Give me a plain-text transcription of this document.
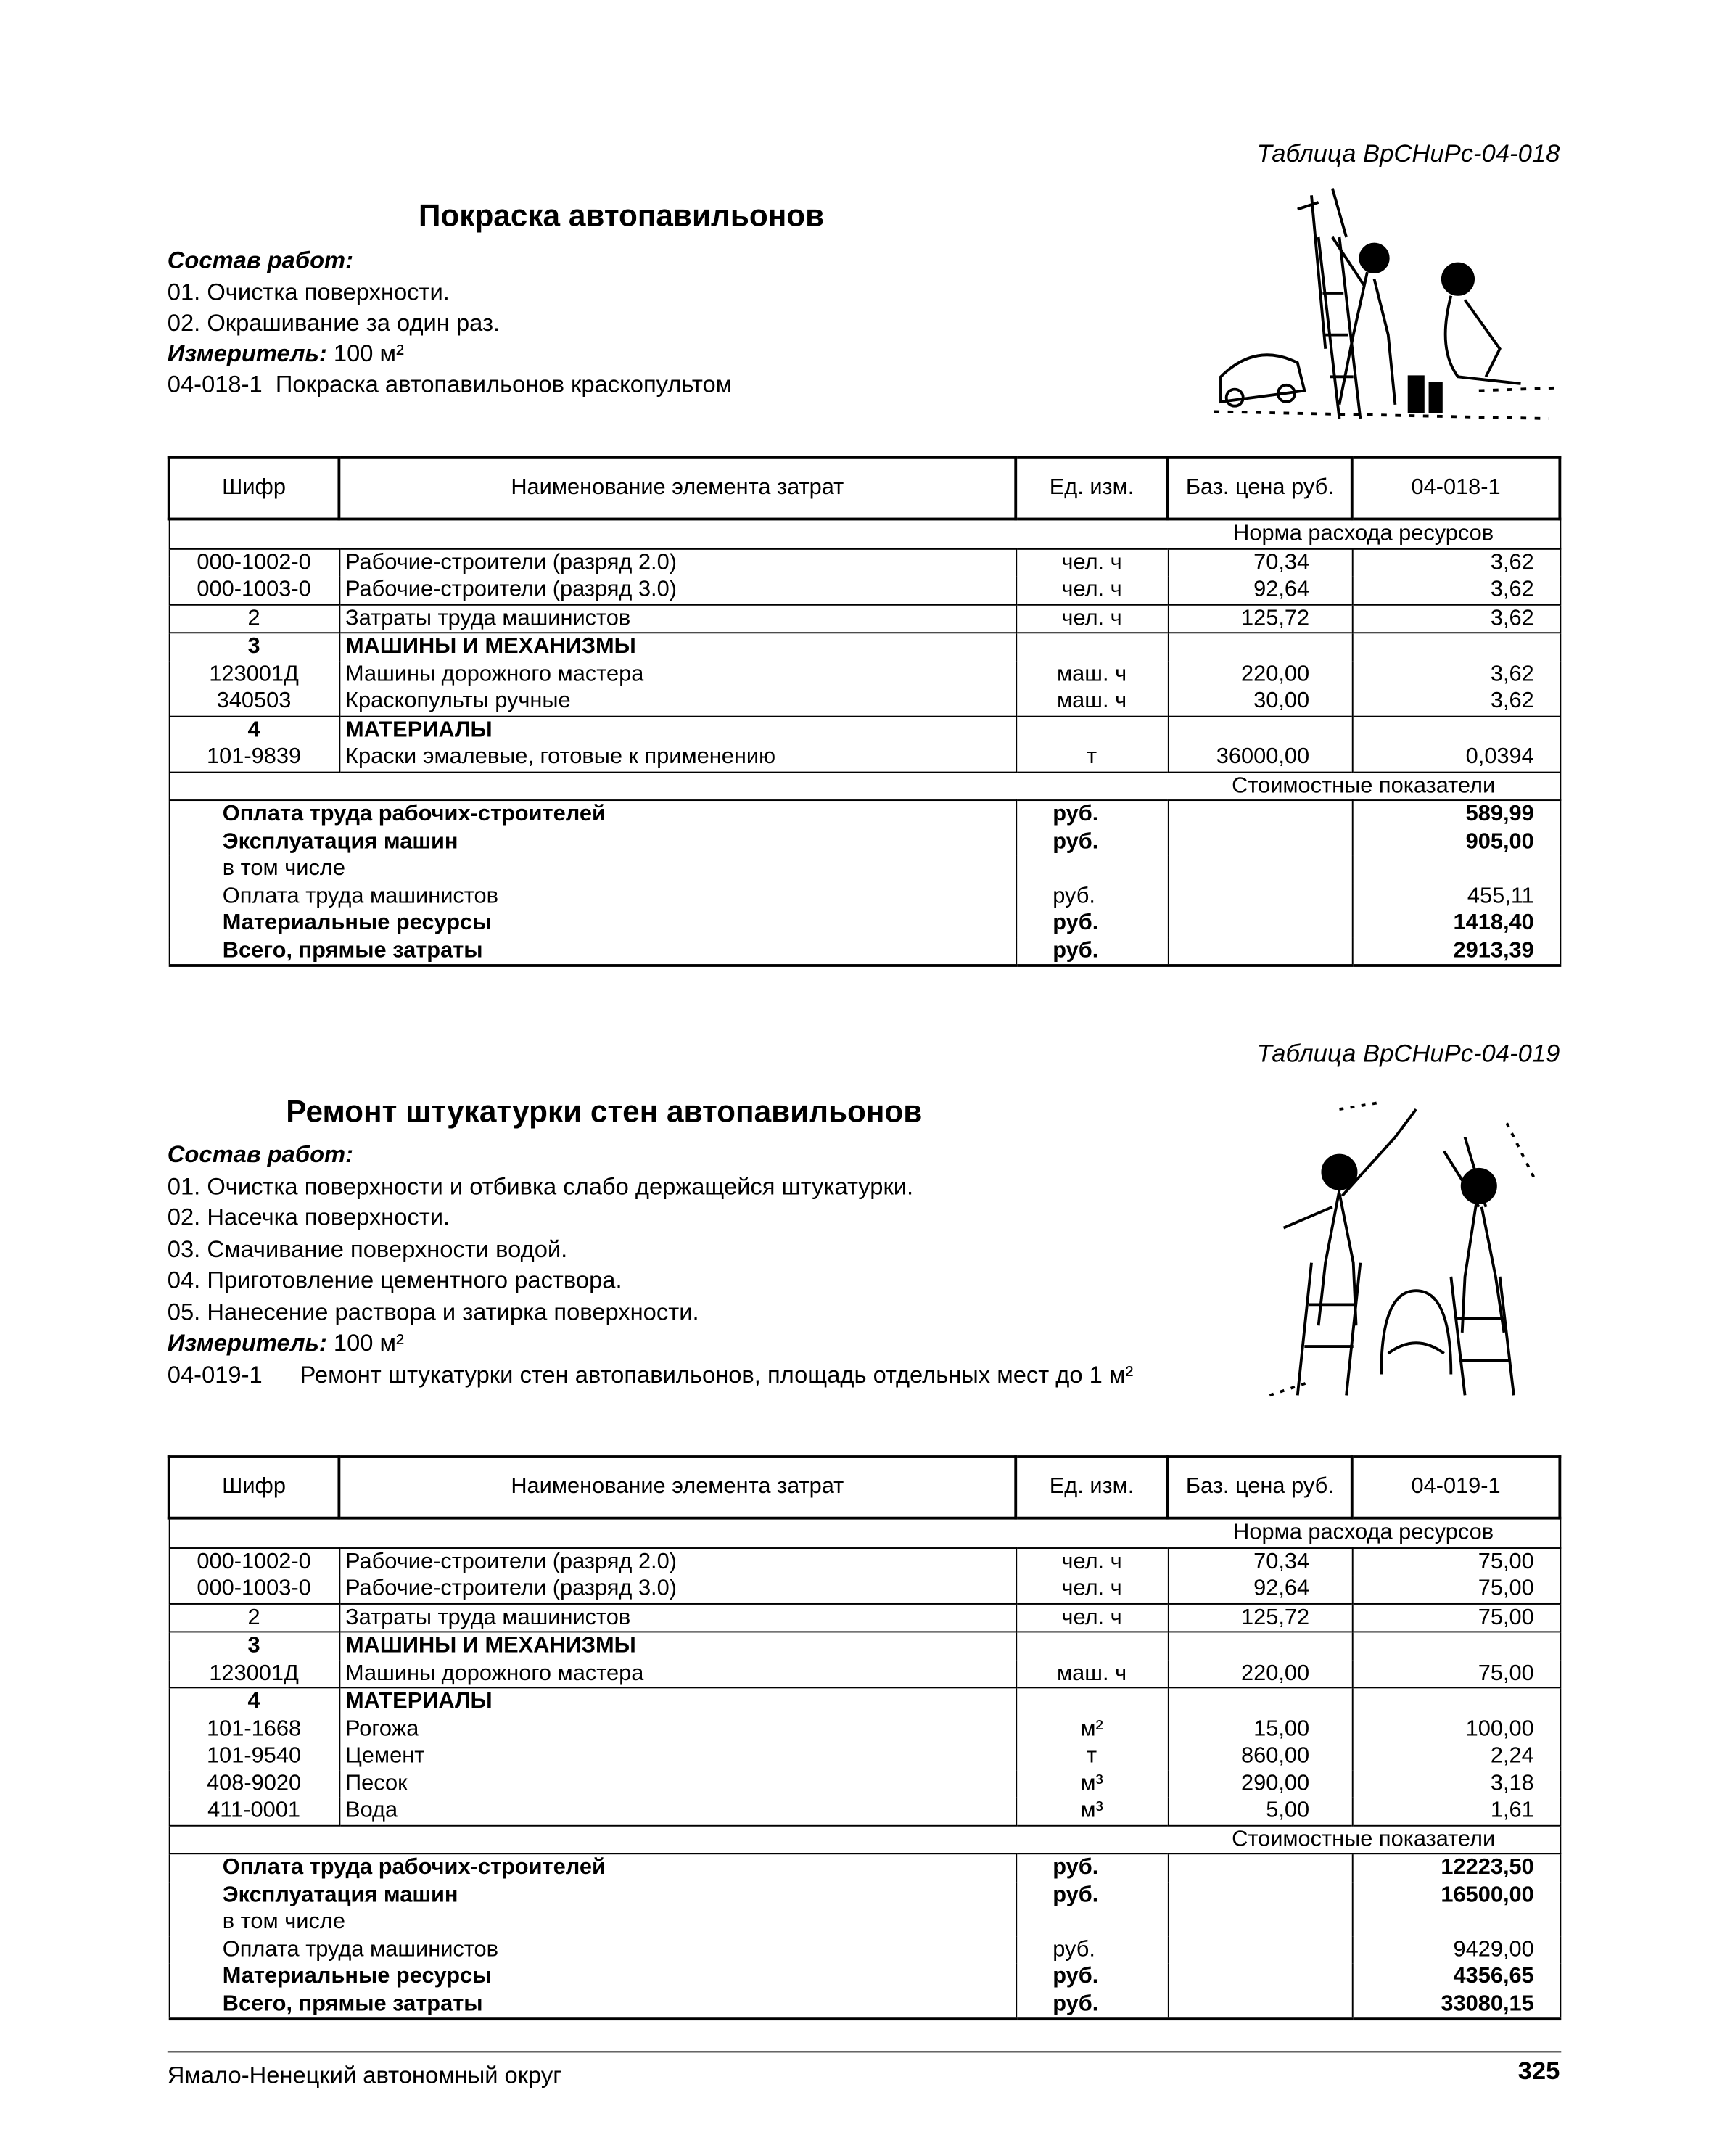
Таблица ВрСНиРс-04-018
Покраска автопавильонов
Состав работ:
01. Очистка поверхности.
02. Окрашивание за один раз.
Измеритель: 100 м²
04-018-1 Покраска автопавильонов краскопультом
Шифр	Наименование элемента затрат	Ед. изм.	Баз. цена руб.	04-018-1
			Норма расхода ресурсов	
000-1002-0	Рабочие-строители (разряд 2.0)	чел. ч	70,34	3,62
000-1003-0	Рабочие-строители (разряд 3.0)	чел. ч	92,64	3,62
2	Затраты труда машинистов	чел. ч	125,72	3,62
3	МАШИНЫ И МЕХАНИЗМЫ			
123001Д	Машины дорожного мастера	маш. ч	220,00	3,62
340503	Краскопульты ручные	маш. ч	30,00	3,62
4	МАТЕРИАЛЫ			
101-9839	Краски эмалевые, готовые к применению	т	36000,00	0,0394
			Стоимостные показатели	
Оплата труда рабочих-строителей		руб.		589,99
Эксплуатация машин		руб.		905,00
в том числе				
Оплата труда машинистов		руб.		455,11
Материальные ресурсы		руб.		1418,40
Всего, прямые затраты		руб.		2913,39
Таблица ВрСНиРс-04-019
Ремонт штукатурки стен автопавильонов
Состав работ:
01. Очистка поверхности и отбивка слабо держащейся штукатурки.
02. Насечка поверхности.
03. Смачивание поверхности водой.
04. Приготовление цементного раствора.
05. Нанесение раствора и затирка поверхности.
Измеритель: 100 м²
04-019-1	Ремонт штукатурки стен автопавильонов, площадь отдельных мест до 1 м²
Шифр	Наименование элемента затрат	Ед. изм.	Баз. цена руб.	04-019-1
			Норма расхода ресурсов	
000-1002-0	Рабочие-строители (разряд 2.0)	чел. ч	70,34	75,00
000-1003-0	Рабочие-строители (разряд 3.0)	чел. ч	92,64	75,00
2	Затраты труда машинистов	чел. ч	125,72	75,00
3	МАШИНЫ И МЕХАНИЗМЫ			
123001Д	Машины дорожного мастера	маш. ч	220,00	75,00
4	МАТЕРИАЛЫ			
101-1668	Рогожа	м²	15,00	100,00
101-9540	Цемент	т	860,00	2,24
408-9020	Песок	м³	290,00	3,18
411-0001	Вода	м³	5,00	1,61
			Стоимостные показатели	
Оплата труда рабочих-строителей		руб.		12223,50
Эксплуатация машин		руб.		16500,00
в том числе				
Оплата труда машинистов		руб.		9429,00
Материальные ресурсы		руб.		4356,65
Всего, прямые затраты		руб.		33080,15
Ямало-Ненецкий автономный округ	325
